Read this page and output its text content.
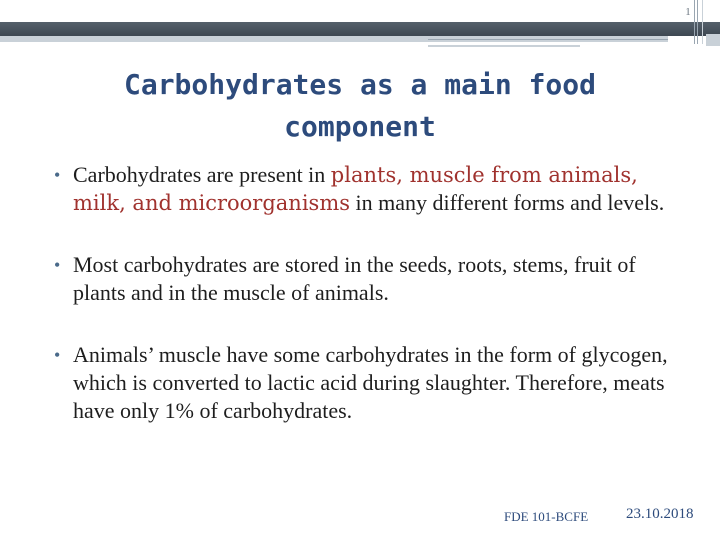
1
Carbohydrates as a main food component
• Carbohydrates are present in plants, muscle from animals, milk, and microorganisms in many different forms and levels.
• Most carbohydrates are stored in the seeds, roots, stems, fruit of plants and in the muscle of animals.
• Animals’ muscle have some carbohydrates in the form of glycogen, which is converted to lactic acid during slaughter. Therefore, meats have only 1% of carbohydrates.
FDE 101-BCFE	23.10.2018
